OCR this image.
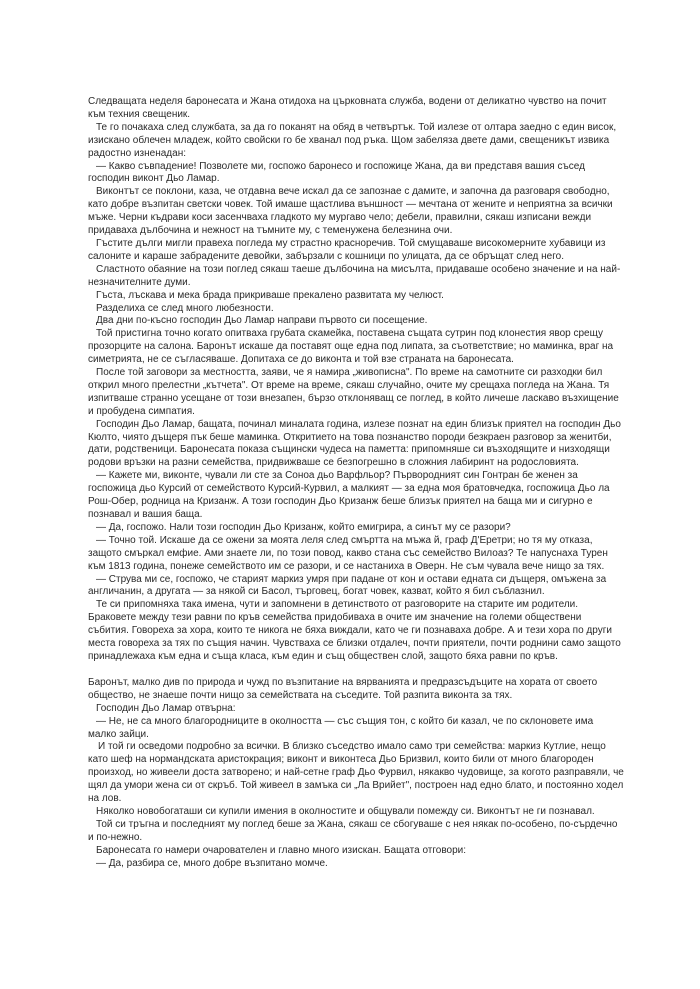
Следващата неделя баронесата и Жана отидоха на църковната служба, водени от деликатно чувство на почит към техния свещеник.

Те го почакаха след службата, за да го поканят на обяд в четвъртък. Той излезе от олтара заедно с един висок, изискано облечен младеж, който свойски го бе хванал под ръка. Щом забеляза двете дами, свещеникът извика радостно изненадан:

— Какво съвпадение! Позволете ми, госпожо баронесо и госпожице Жана, да ви представя вашия съсед господин виконт Дьо Ламар.

Виконтът се поклони, каза, че отдавна вече искал да се запознае с дамите, и започна да разговаря свободно, като добре възпитан светски човек. Той имаше щастлива външност — мечтана от жените и неприятна за всички мъже. Черни къдрави коси засенчваха гладкото му мургаво чело; дебели, правилни, сякаш изписани вежди придаваха дълбочина и нежност на тъмните му, с теменужена белезнина очи.

Гъстите дълги мигли правеха погледа му страстно красноречив. Той смущаваше високомерните хубавици из салоните и караше забрадените девойки, забързали с кошници по улицата, да се обръщат след него.

Сластното обаяние на този поглед сякаш таеше дълбочина на мисълта, придаваше особено значение и на най-незначителните думи.

Гъста, лъскава и мека брада прикриваше прекалено развитата му челюст.

Разделиха се след много любезности.

Два дни по-късно господин Дьо Ламар направи първото си посещение.

Той пристигна точно когато опитваха грубата скамейка, поставена същата сутрин под клонестия явор срещу прозорците на салона. Баронът искаше да поставят още една под липата, за съответствие; но маминка, враг на симетрията, не се съгласяваше. Допитаха се до виконта и той взе страната на баронесата.

После той заговори за местността, заяви, че я намира „живописна". По време на самотните си разходки бил открил много прелестни „кътчета". От време на време, сякаш случайно, очите му срещаха погледа на Жана. Тя изпитваше странно усещане от този внезапен, бързо отклоняващ се поглед, в който личеше ласкаво възхищение и пробудена симпатия.

Господин Дьо Ламар, бащата, починал миналата година, излезе познат на един близък приятел на господин Дьо Кюлто, чиято дъщеря пък беше маминка. Откритието на това познанство породи безкраен разговор за женитби, дати, родственици. Баронесата показа същински чудеса на паметта: припомняше си възходящите и низходящи родови връзки на разни семейства, придвижваше се безпогрешно в сложния лабиринт на родословията.

— Кажете ми, виконте, чували ли сте за Соноа дьо Варфльор? Първородният син Гонтран бе женен за госпожица дьо Курсий от семейството Курсий-Курвил, а малкият — за една моя братовчедка, госпожица Дьо ла Рош-Обер, родница на Кризанж. А този господин Дьо Кризанж беше близък приятел на баща ми и сигурно е познавал и вашия баща.

— Да, госпожо. Нали този господин Дьо Кризанж, който емигрира, а синът му се разори?

— Точно той. Искаше да се ожени за моята леля след смъртта на мъжа й, граф Д'Еретри; но тя му отказа, защото смъркал емфие. Ами знаете ли, по този повод, какво стана със семейство Вилоаз? Те напуснаха Турен към 1813 година, понеже семейството им се разори, и се настаниха в Оверн. Не съм чувала вече нищо за тях.

— Струва ми се, госпожо, че старият маркиз умря при падане от кон и остави едната си дъщеря, омъжена за англичанин, а другата — за някой си Басол, търговец, богат човек, казват, който я бил съблазнил.

Те си припомняха така имена, чути и запомнени в детинството от разговорите на старите им родители. Браковете между тези равни по кръв семейства придобиваха в очите им значение на големи обществени събития. Говореха за хора, които те никога не бяха виждали, като че ги познаваха добре. А и тези хора по други места говореха за тях по същия начин. Чувстваха се близки отдалеч, почти приятели, почти роднини само защото принадлежаха към една и съща класа, към един и същ обществен слой, защото бяха равни по кръв.

Баронът, малко див по природа и чужд по възпитание на вярванията и предразсъдъците на хората от своето общество, не знаеше почти нищо за семействата на съседите. Той разпита виконта за тях.

Господин Дьо Ламар отвърна:

— Не, не са много благородниците в околността — със същия тон, с който би казал, че по склоновете има малко зайци.

И той ги осведоми подробно за всички. В близко съседство имало само три семейства: маркиз Кутлие, нещо като шеф на нормандската аристокрация; виконт и виконтеса Дьо Бризвил, които били от много благороден произход, но живеели доста затворено; и най-сетне граф Дьо Фурвил, някакво чудовище, за когото разправяли, че щял да умори жена си от скръб. Той живеел в замъка си „Ла Врийет", построен над едно блато, и постоянно ходел на лов.

Няколко новобогаташи си купили имения в околностите и общували помежду си. Виконтът не ги познавал.

Той си тръгна и последният му поглед беше за Жана, сякаш се сбогуваше с нея някак по-особено, по-сърдечно и по-нежно.

Баронесата го намери очарователен и главно много изискан. Бащата отговори:

— Да, разбира се, много добре възпитано момче.
